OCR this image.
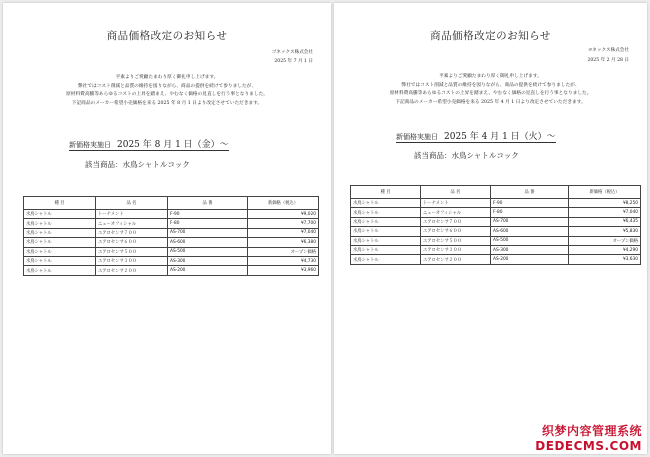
商品価格改定のお知らせ
ゴネックス株式会社
2025 年 7 月 1 日
平素よりご愛顧たまわり厚く御礼申し上げます。
弊社ではコスト削減と品質の維持を図りながら、商品の提供を続けて参りましたが、
原材料費高騰等あらゆるコストの上昇を踏まえ、やむなく価格の見直しを行う事となりました。
下記商品のメーカー希望小売価格を来る 2025 年 8 月 1 日より改定させていただきます。
新価格実施日 2025 年 8 月 1 日（金）〜
該当商品：水鳥シャトルコック
種 目	品 名	品 番	新価格（税込）
水鳥シャトル	トーナメント	F-90	¥9,020
水鳥シャトル	ニューオフィシャル	F-80	¥7,700
水鳥シャトル	エアロセンサ７００	AS-700	¥7,040
水鳥シャトル	エアロセンサ６００	AS-600	¥6,380
水鳥シャトル	エアロセンサ５００	AS-500	オープン価格
水鳥シャトル	エアロセンサ３００	AS-300	¥4,730
水鳥シャトル	エアロセンサ２００	AS-200	¥3,960
商品価格改定のお知らせ
ヨネックス株式会社
2025 年 2 月 28 日
平素よりご愛顧たまわり厚く御礼申し上げます。
弊社ではコスト削減と品質の維持を図りながら、商品の提供を続けて参りましたが、
原材料費高騰等あらゆるコストの上昇を踏まえ、やむなく価格の見直しを行う事となりました。
下記商品のメーカー希望小売価格を来る 2025 年 4 月 1 日より改定させていただきます。
新価格実施日 2025 年 4 月 1 日（火）〜
該当商品：水鳥シャトルコック
種 目	品 名	品 番	新価格（税込）
水鳥シャトル	トーナメント	F-90	¥8,250
水鳥シャトル	ニューオフィシャル	F-80	¥7,040
水鳥シャトル	エアロセンサ７００	AS-700	¥6,435
水鳥シャトル	エアロセンサ６００	AS-600	¥5,830
水鳥シャトル	エアロセンサ５００	AS-500	オープン価格
水鳥シャトル	エアロセンサ３００	AS-300	¥4,290
水鳥シャトル	エアロセンサ２００	AS-200	¥3,630
织梦内容管理系统
DEDECMS.COM
